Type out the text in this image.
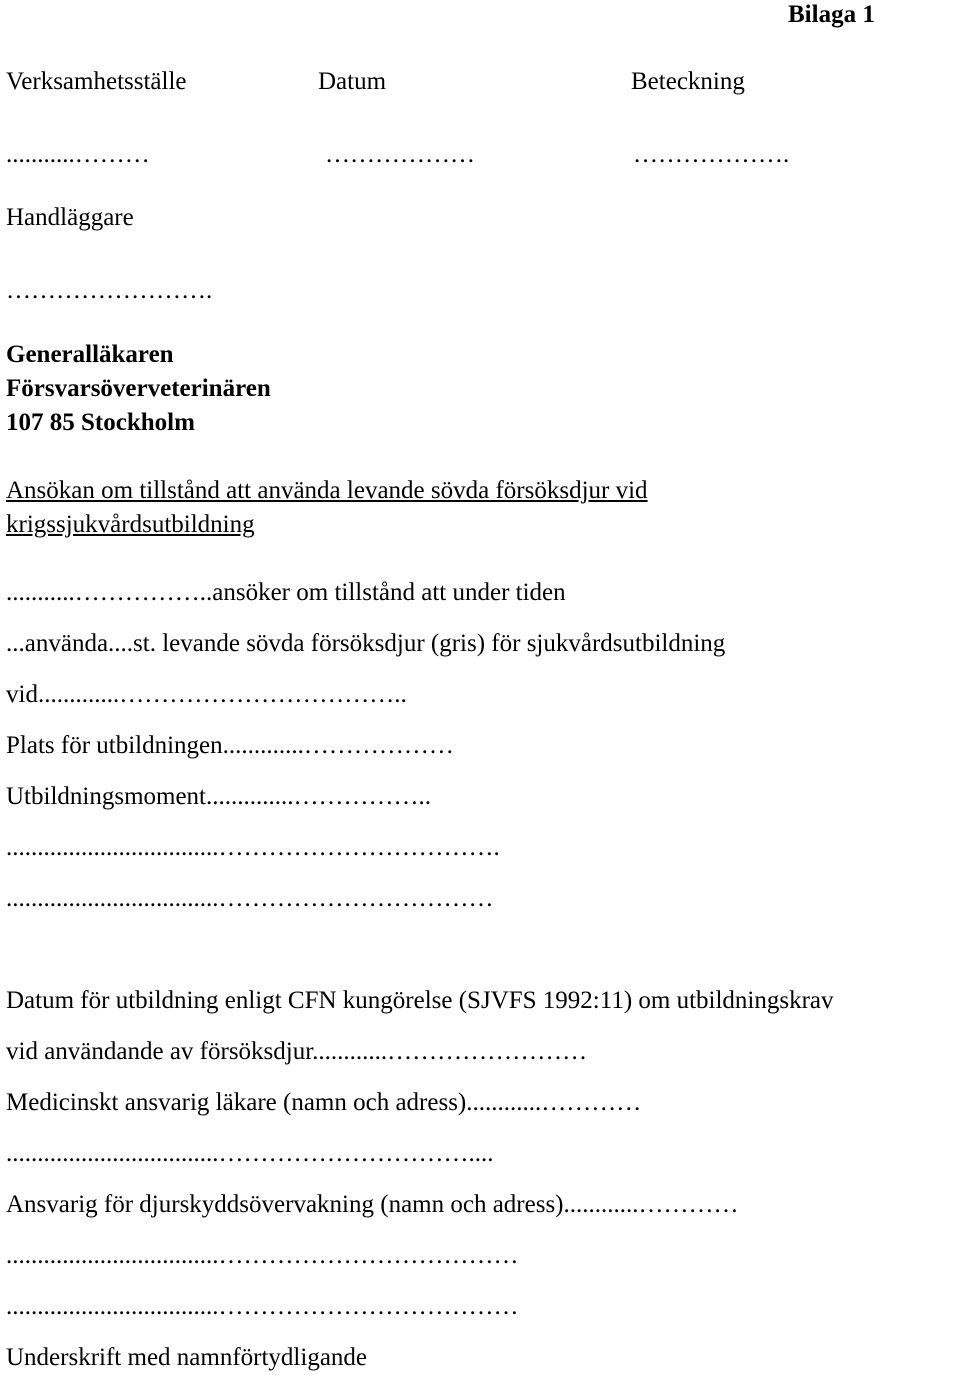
Bilaga 1
Verksamhetsställe	Datum	Beteckning
...........………	………………	……………….
Handläggare
…………………….
Generalläkaren
Försvarsöverveterinären
107 85 Stockholm
Ansökan om tillstånd att använda levande sövda försöksdjur vid
krigssjukvårdsutbildning
...........……………..ansöker om tillstånd att under tiden
...använda....st. levande sövda försöksdjur (gris) för sjukvårdsutbildning
vid.............……………………………..
Plats för utbildningen.............………………
Utbildningsmoment..............……………..
..................................…………………………….
..................................……………………………
Datum för utbildning enligt CFN kungörelse (SJVFS 1992:11) om utbildningskrav
vid användande av försöksdjur............……………………
Medicinskt ansvarig läkare (namn och adress)............…………
..................................…………………………....
Ansvarig för djurskyddsövervakning (namn och adress)............…………
..................................………………………………
..................................………………………………
Underskrift med namnförtydligande
